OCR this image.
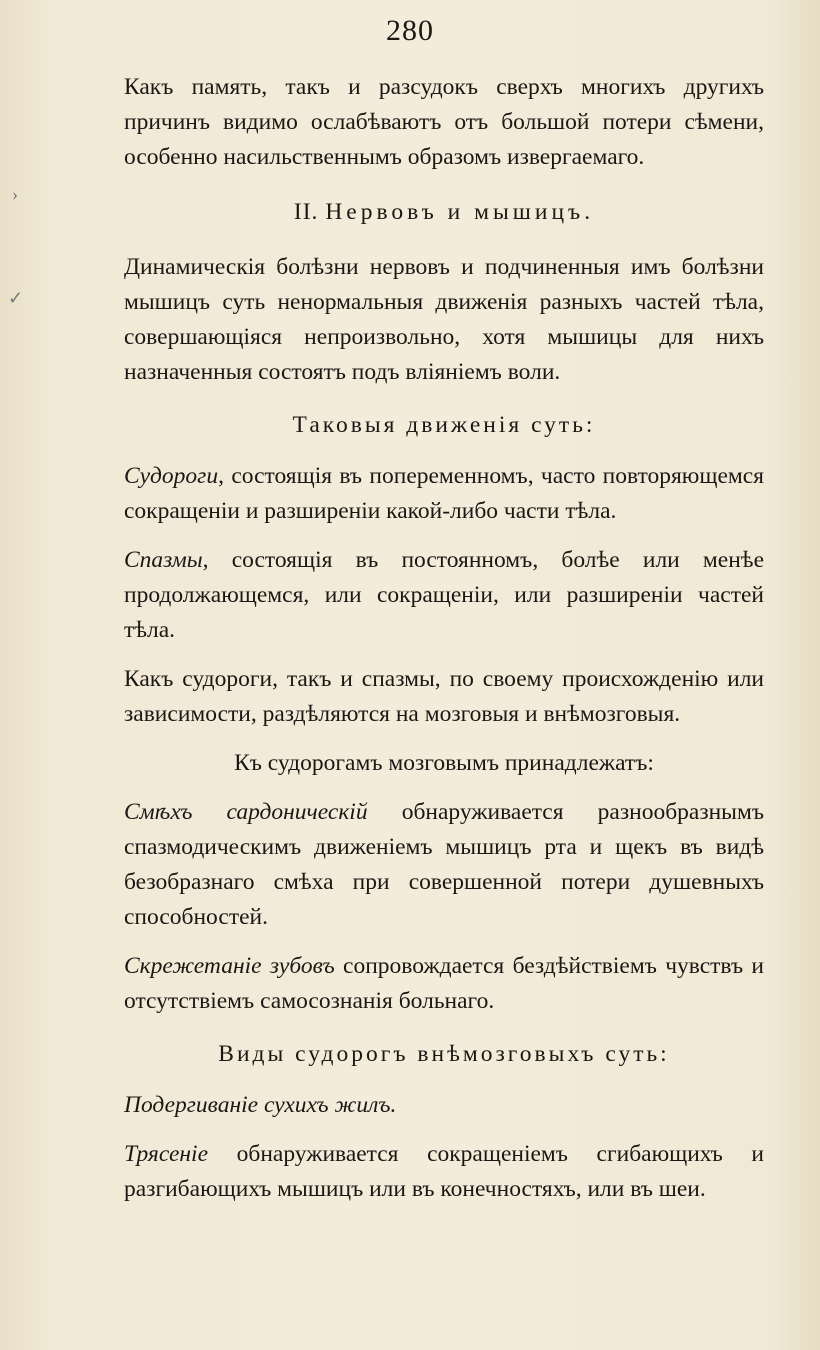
280
›
✓

Какъ память, такъ и разсудокъ сверхъ многихъ другихъ причинъ видимо ослабѣваютъ отъ большой потери сѣмени, особенно насильственнымъ образомъ извергаемаго.

II. Нервовъ и мышицъ.

Динамическія болѣзни нервовъ и подчиненныя имъ болѣзни мышицъ суть ненормальныя движенія разныхъ частей тѣла, совершающіяся непроизвольно, хотя мышицы для нихъ назначенныя состоятъ подъ вліяніемъ воли.

Таковыя движенія суть:

Судороги, состоящія въ попеременномъ, часто повторяющемся сокращеніи и разширеніи какой-либо части тѣла.

Спазмы, состоящія въ постоянномъ, болѣе или менѣе продолжающемся, или сокращеніи, или разширеніи частей тѣла.

Какъ судороги, такъ и спазмы, по своему происхожденію или зависимости, раздѣляются на мозговыя и внѣмозговыя.

Къ судорогамъ мозговымъ принадлежатъ:

Смѣхъ сардоническій обнаруживается разнообразнымъ спазмодическимъ движеніемъ мышицъ рта и щекъ въ видѣ безобразнаго смѣха при совершенной потери душевныхъ способностей.

Скрежетаніе зубовъ сопровождается бездѣйствіемъ чувствъ и отсутствіемъ самосознанія больнаго.

Виды судорогъ внѣмозговыхъ суть:

Подергиваніе сухихъ жилъ.

Трясеніе обнаруживается сокращеніемъ сгибающихъ и разгибающихъ мышицъ или въ конечностяхъ, или въ шеи.
